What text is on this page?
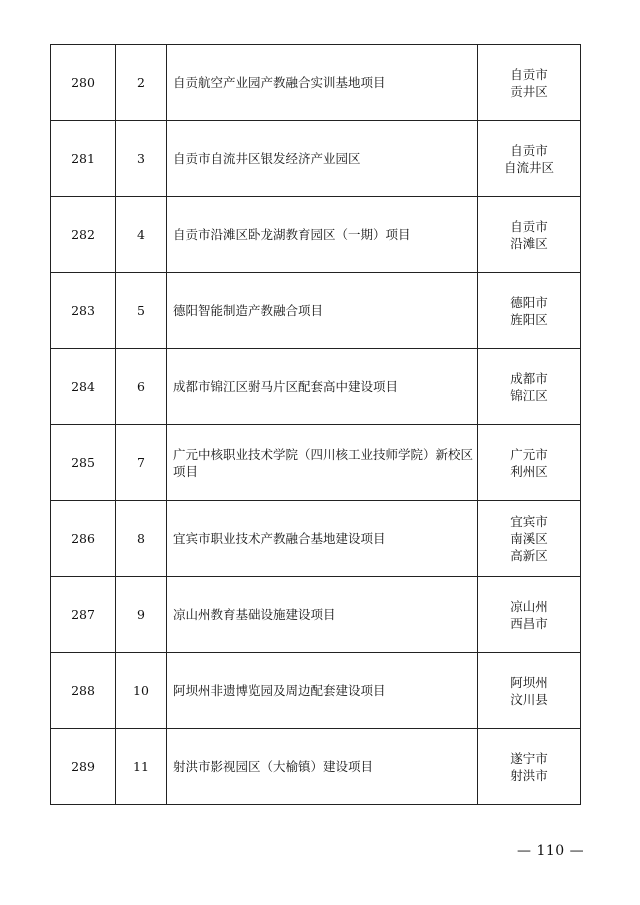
280	2	自贡航空产业园产教融合实训基地项目	自贡市
贡井区

281	3	自贡市自流井区银发经济产业园区	自贡市
自流井区

282	4	自贡市沿滩区卧龙湖教育园区（一期）项目	自贡市
沿滩区

283	5	德阳智能制造产教融合项目	德阳市
旌阳区

284	6	成都市锦江区驸马片区配套高中建设项目	成都市
锦江区

285	7	广元中核职业技术学院（四川核工业技师学院）新校区项目	广元市
利州区

286	8	宜宾市职业技术产教融合基地建设项目	宜宾市
南溪区
高新区

287	9	凉山州教育基础设施建设项目	凉山州
西昌市

288	10	阿坝州非遗博览园及周边配套建设项目	阿坝州
汶川县

289	11	射洪市影视园区（大榆镇）建设项目	遂宁市
射洪市
— 110 —
